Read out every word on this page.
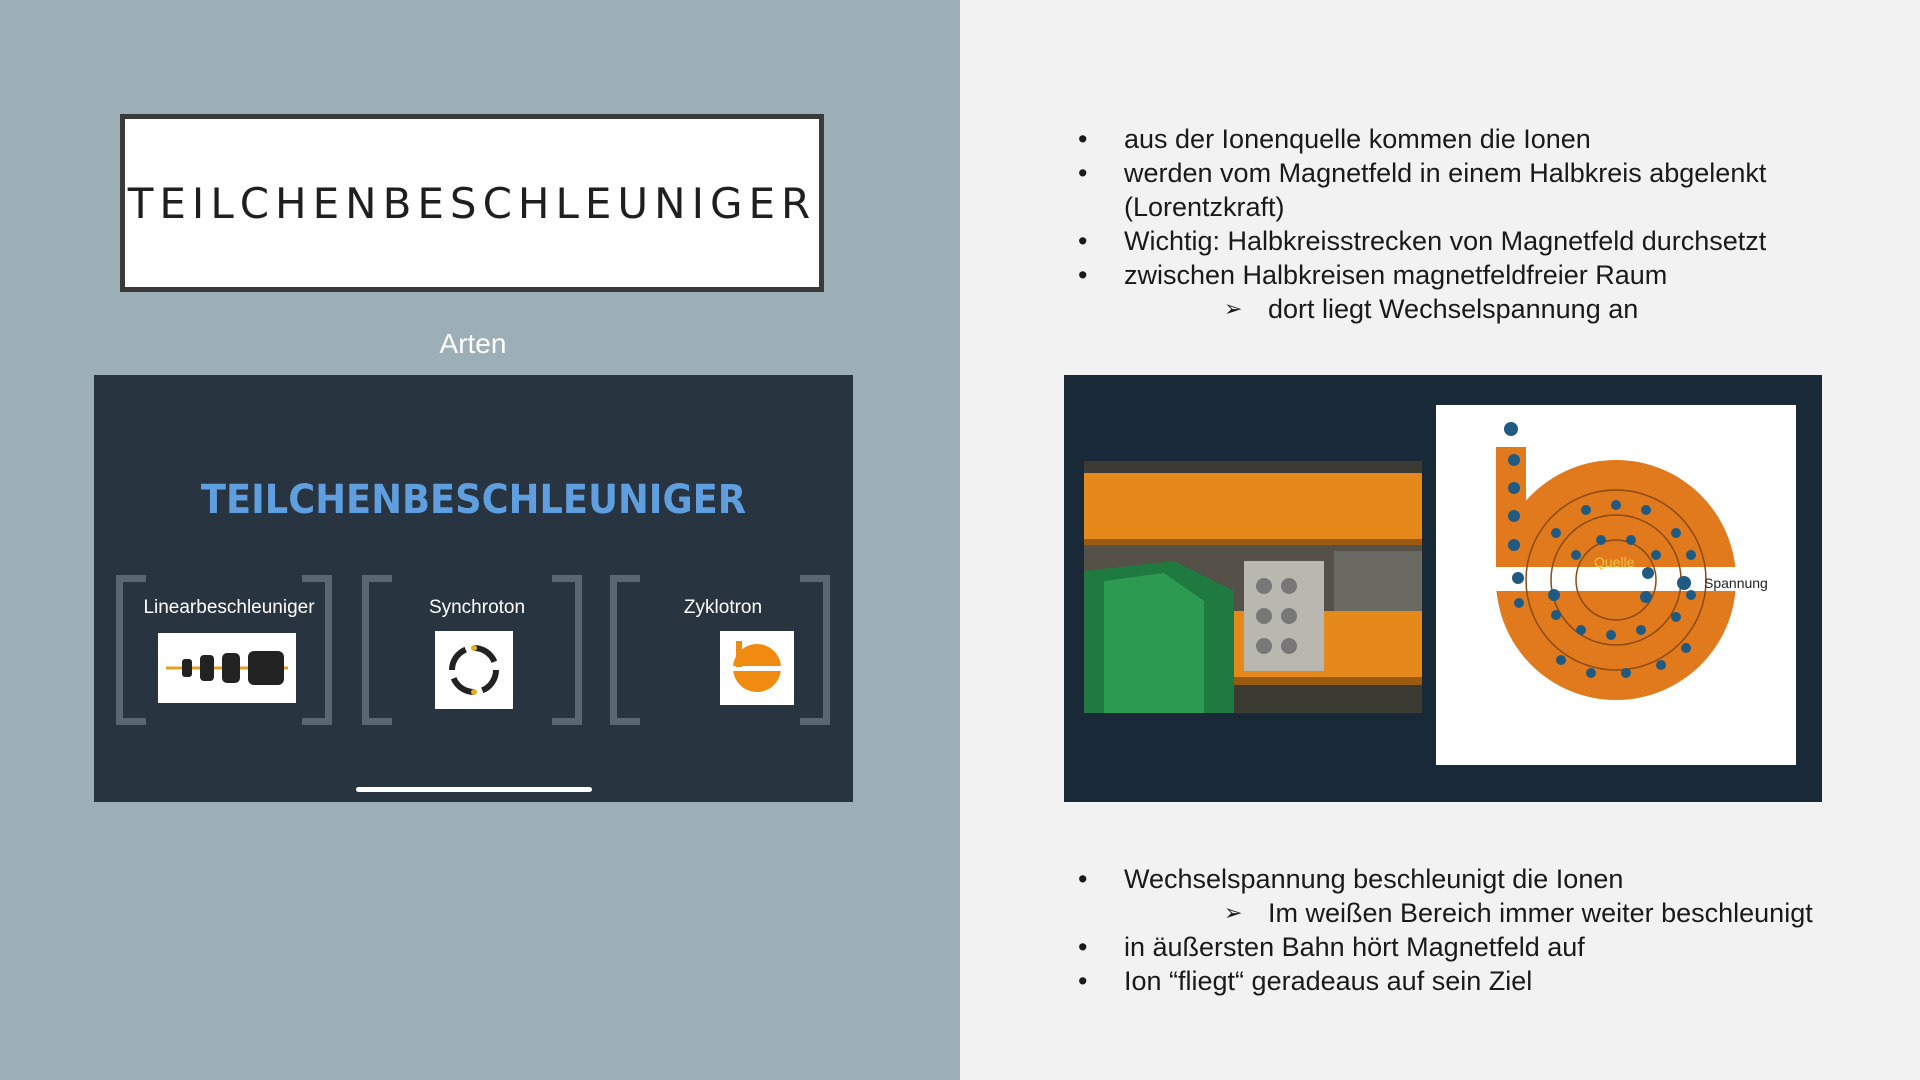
TEILCHENBESCHLEUNIGER
Arten
TEILCHENBESCHLEUNIGER
Linearbeschleuniger	Synchroton	Zyklotron
• aus der Ionenquelle kommen die Ionen
• werden vom Magnetfeld in einem Halbkreis abgelenkt
(Lorentzkraft)
• Wichtig: Halbkreisstrecken von Magnetfeld durchsetzt
• zwischen Halbkreisen magnetfeldfreier Raum
➢ dort liegt Wechselspannung an
Quelle
Spannung
• Wechselspannung beschleunigt die Ionen
➢ Im weißen Bereich immer weiter beschleunigt
• in äußersten Bahn hört Magnetfeld auf
• Ion “fliegt“ geradeaus auf sein Ziel
